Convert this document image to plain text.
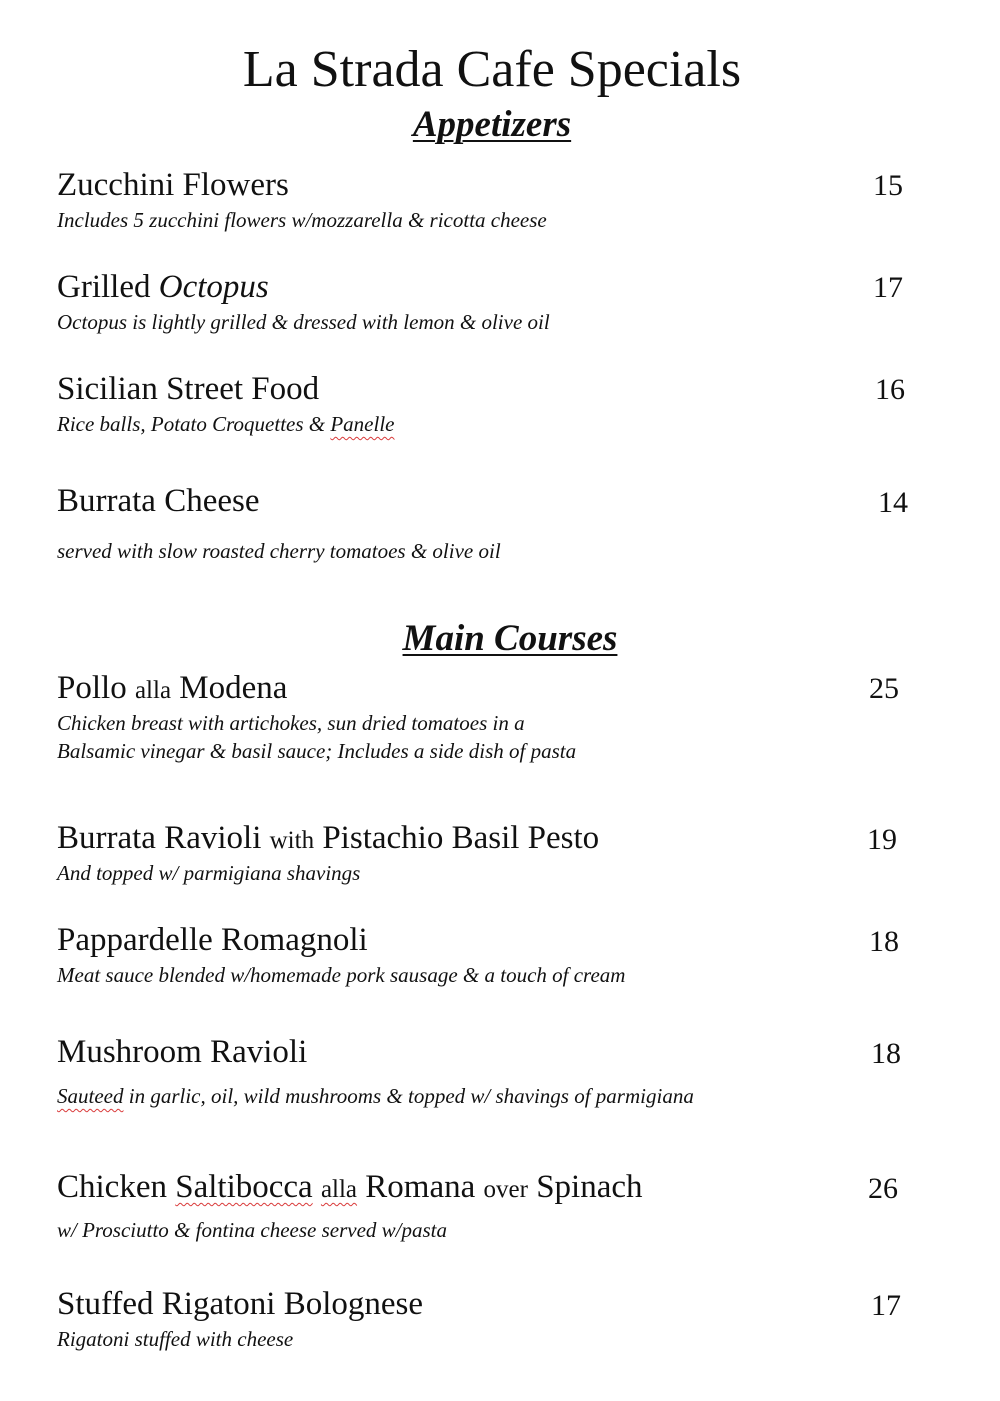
La Strada Cafe Specials
Appetizers
Zucchini Flowers	15
Includes 5 zucchini flowers w/mozzarella & ricotta cheese
Grilled Octopus	17
Octopus is lightly grilled & dressed with lemon & olive oil
Sicilian Street Food	16
Rice balls, Potato Croquettes & Panelle
Burrata Cheese	14
served with slow roasted cherry tomatoes & olive oil
Main Courses
Pollo alla Modena	25
Chicken breast with artichokes, sun dried tomatoes in a
Balsamic vinegar & basil sauce; Includes a side dish of pasta
Burrata Ravioli with Pistachio Basil Pesto	19
And topped w/ parmigiana shavings
Pappardelle Romagnoli	18
Meat sauce blended w/homemade pork sausage & a touch of cream
Mushroom Ravioli	18
Sauteed in garlic, oil, wild mushrooms & topped w/ shavings of parmigiana
Chicken Saltibocca alla Romana over Spinach	26
w/ Prosciutto & fontina cheese served w/pasta
Stuffed Rigatoni Bolognese	17
Rigatoni stuffed with cheese
